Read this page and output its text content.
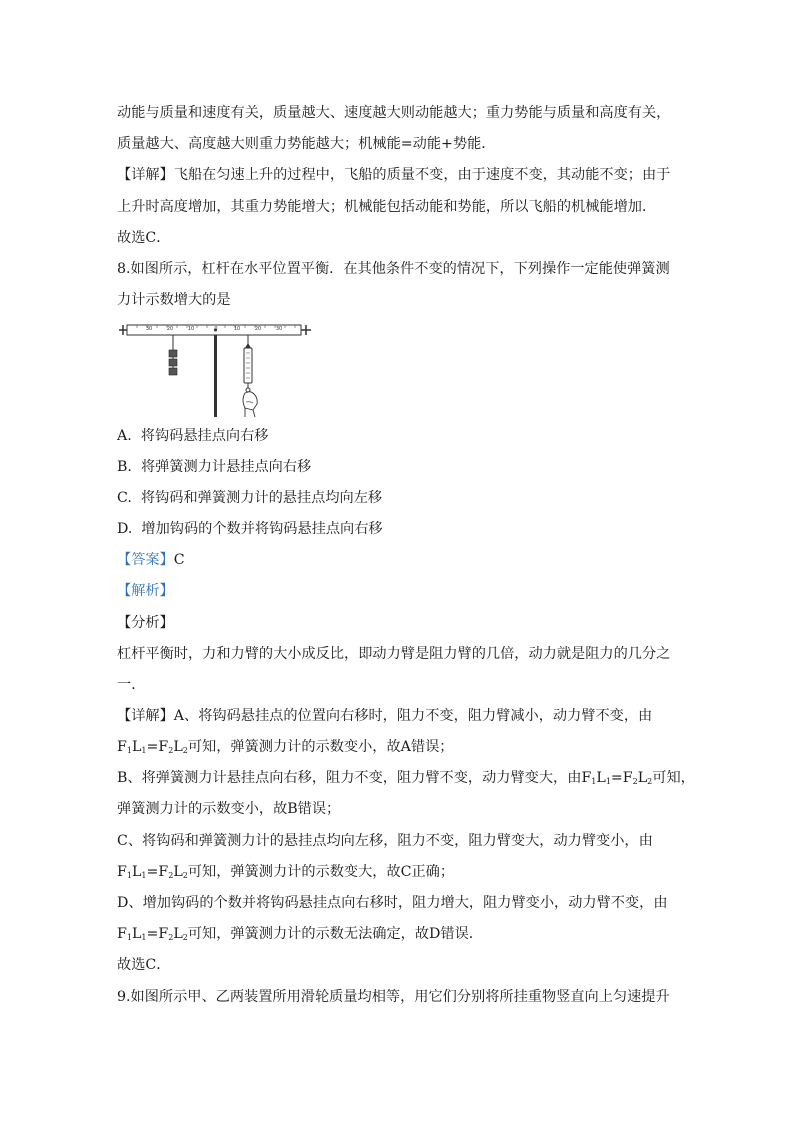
动能与质量和速度有关，质量越大、速度越大则动能越大；重力势能与质量和高度有关，
质量越大、高度越大则重力势能越大；机械能=动能+势能．
【详解】飞船在匀速上升的过程中，飞船的质量不变，由于速度不变，其动能不变；由于
上升时高度增加，其重力势能增大；机械能包括动能和势能，所以飞船的机械能增加．
故选C．
8.如图所示，杠杆在水平位置平衡．在其他条件不变的情况下，下列操作一定能使弹簧测
力计示数增大的是
30	20	10	10	20	30
A. 将钩码悬挂点向右移
B. 将弹簧测力计悬挂点向右移
C. 将钩码和弹簧测力计的悬挂点均向左移
D. 增加钩码的个数并将钩码悬挂点向右移
【答案】C
【解析】
【分析】
杠杆平衡时，力和力臂的大小成反比，即动力臂是阻力臂的几倍，动力就是阻力的几分之
一．
【详解】A、将钩码悬挂点的位置向右移时，阻力不变，阻力臂减小，动力臂不变，由
$F_1L_1=F_2L_2$可知，弹簧测力计的示数变小，故A错误；
B、将弹簧测力计悬挂点向右移，阻力不变，阻力臂不变，动力臂变大，由$F_1L_1=F_2L_2$可知，
弹簧测力计的示数变小，故B错误；
C、将钩码和弹簧测力计的悬挂点均向左移，阻力不变，阻力臂变大，动力臂变小，由
$F_1L_1=F_2L_2$可知，弹簧测力计的示数变大，故C正确；
D、增加钩码的个数并将钩码悬挂点向右移时，阻力增大，阻力臂变小，动力臂不变，由
$F_1L_1=F_2L_2$可知，弹簧测力计的示数无法确定，故D错误．
故选C．
9.如图所示甲、乙两装置所用滑轮质量均相等，用它们分别将所挂重物竖直向上匀速提升
